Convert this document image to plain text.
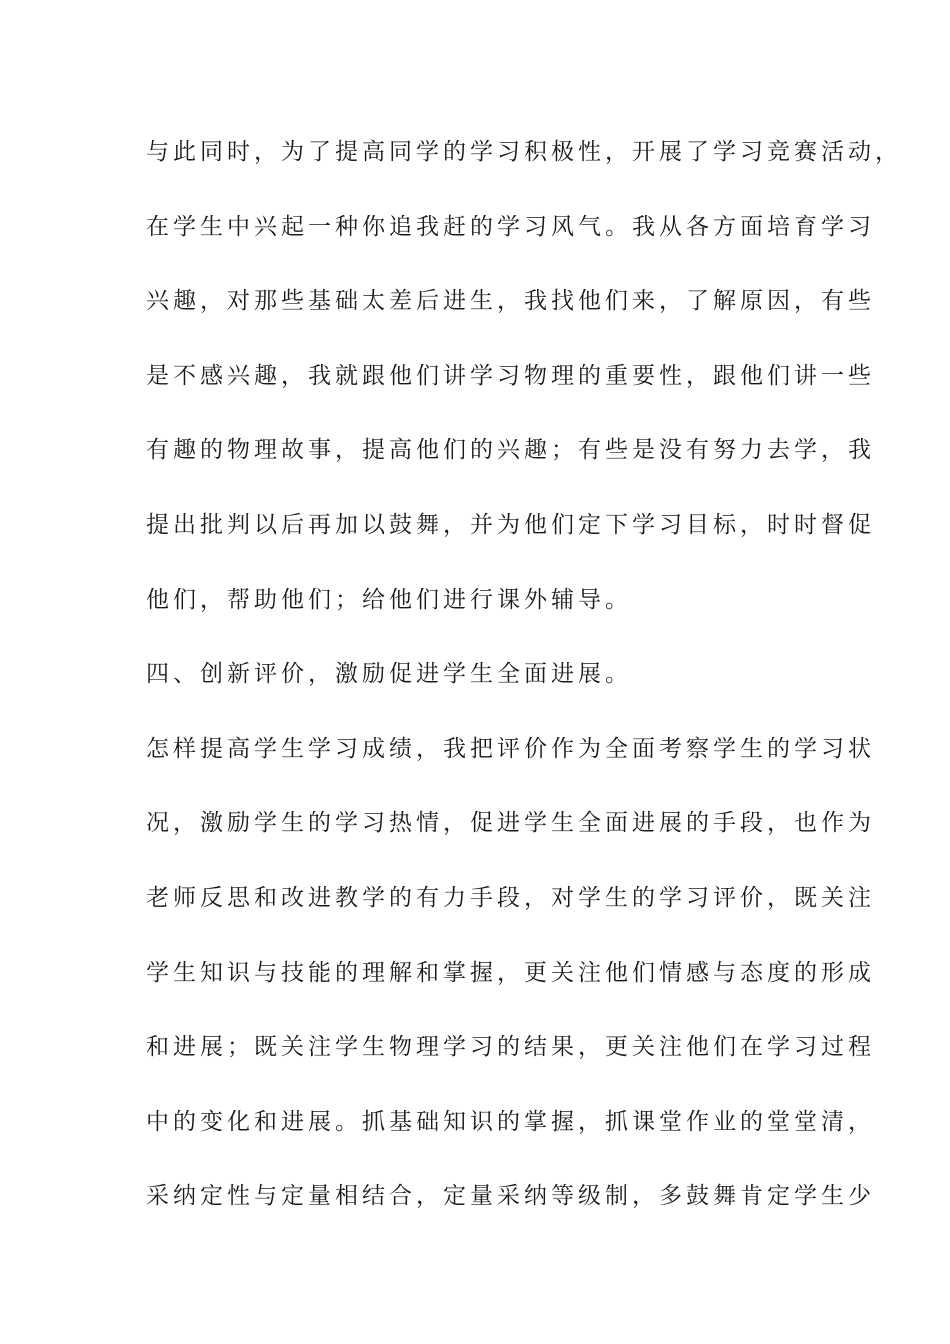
与此同时，为了提高同学的学习积极性，开展了学习竞赛活动，
在学生中兴起一种你追我赶的学习风气。我从各方面培育学习
兴趣，对那些基础太差后进生，我找他们来，了解原因，有些
是不感兴趣，我就跟他们讲学习物理的重要性，跟他们讲一些
有趣的物理故事，提高他们的兴趣；有些是没有努力去学，我
提出批判以后再加以鼓舞，并为他们定下学习目标，时时督促
他们，帮助他们；给他们进行课外辅导。
四、创新评价，激励促进学生全面进展。
怎样提高学生学习成绩，我把评价作为全面考察学生的学习状
况，激励学生的学习热情，促进学生全面进展的手段，也作为
老师反思和改进教学的有力手段，对学生的学习评价，既关注
学生知识与技能的理解和掌握，更关注他们情感与态度的形成
和进展；既关注学生物理学习的结果，更关注他们在学习过程
中的变化和进展。抓基础知识的掌握，抓课堂作业的堂堂清，
采纳定性与定量相结合，定量采纳等级制，多鼓舞肯定学生少
